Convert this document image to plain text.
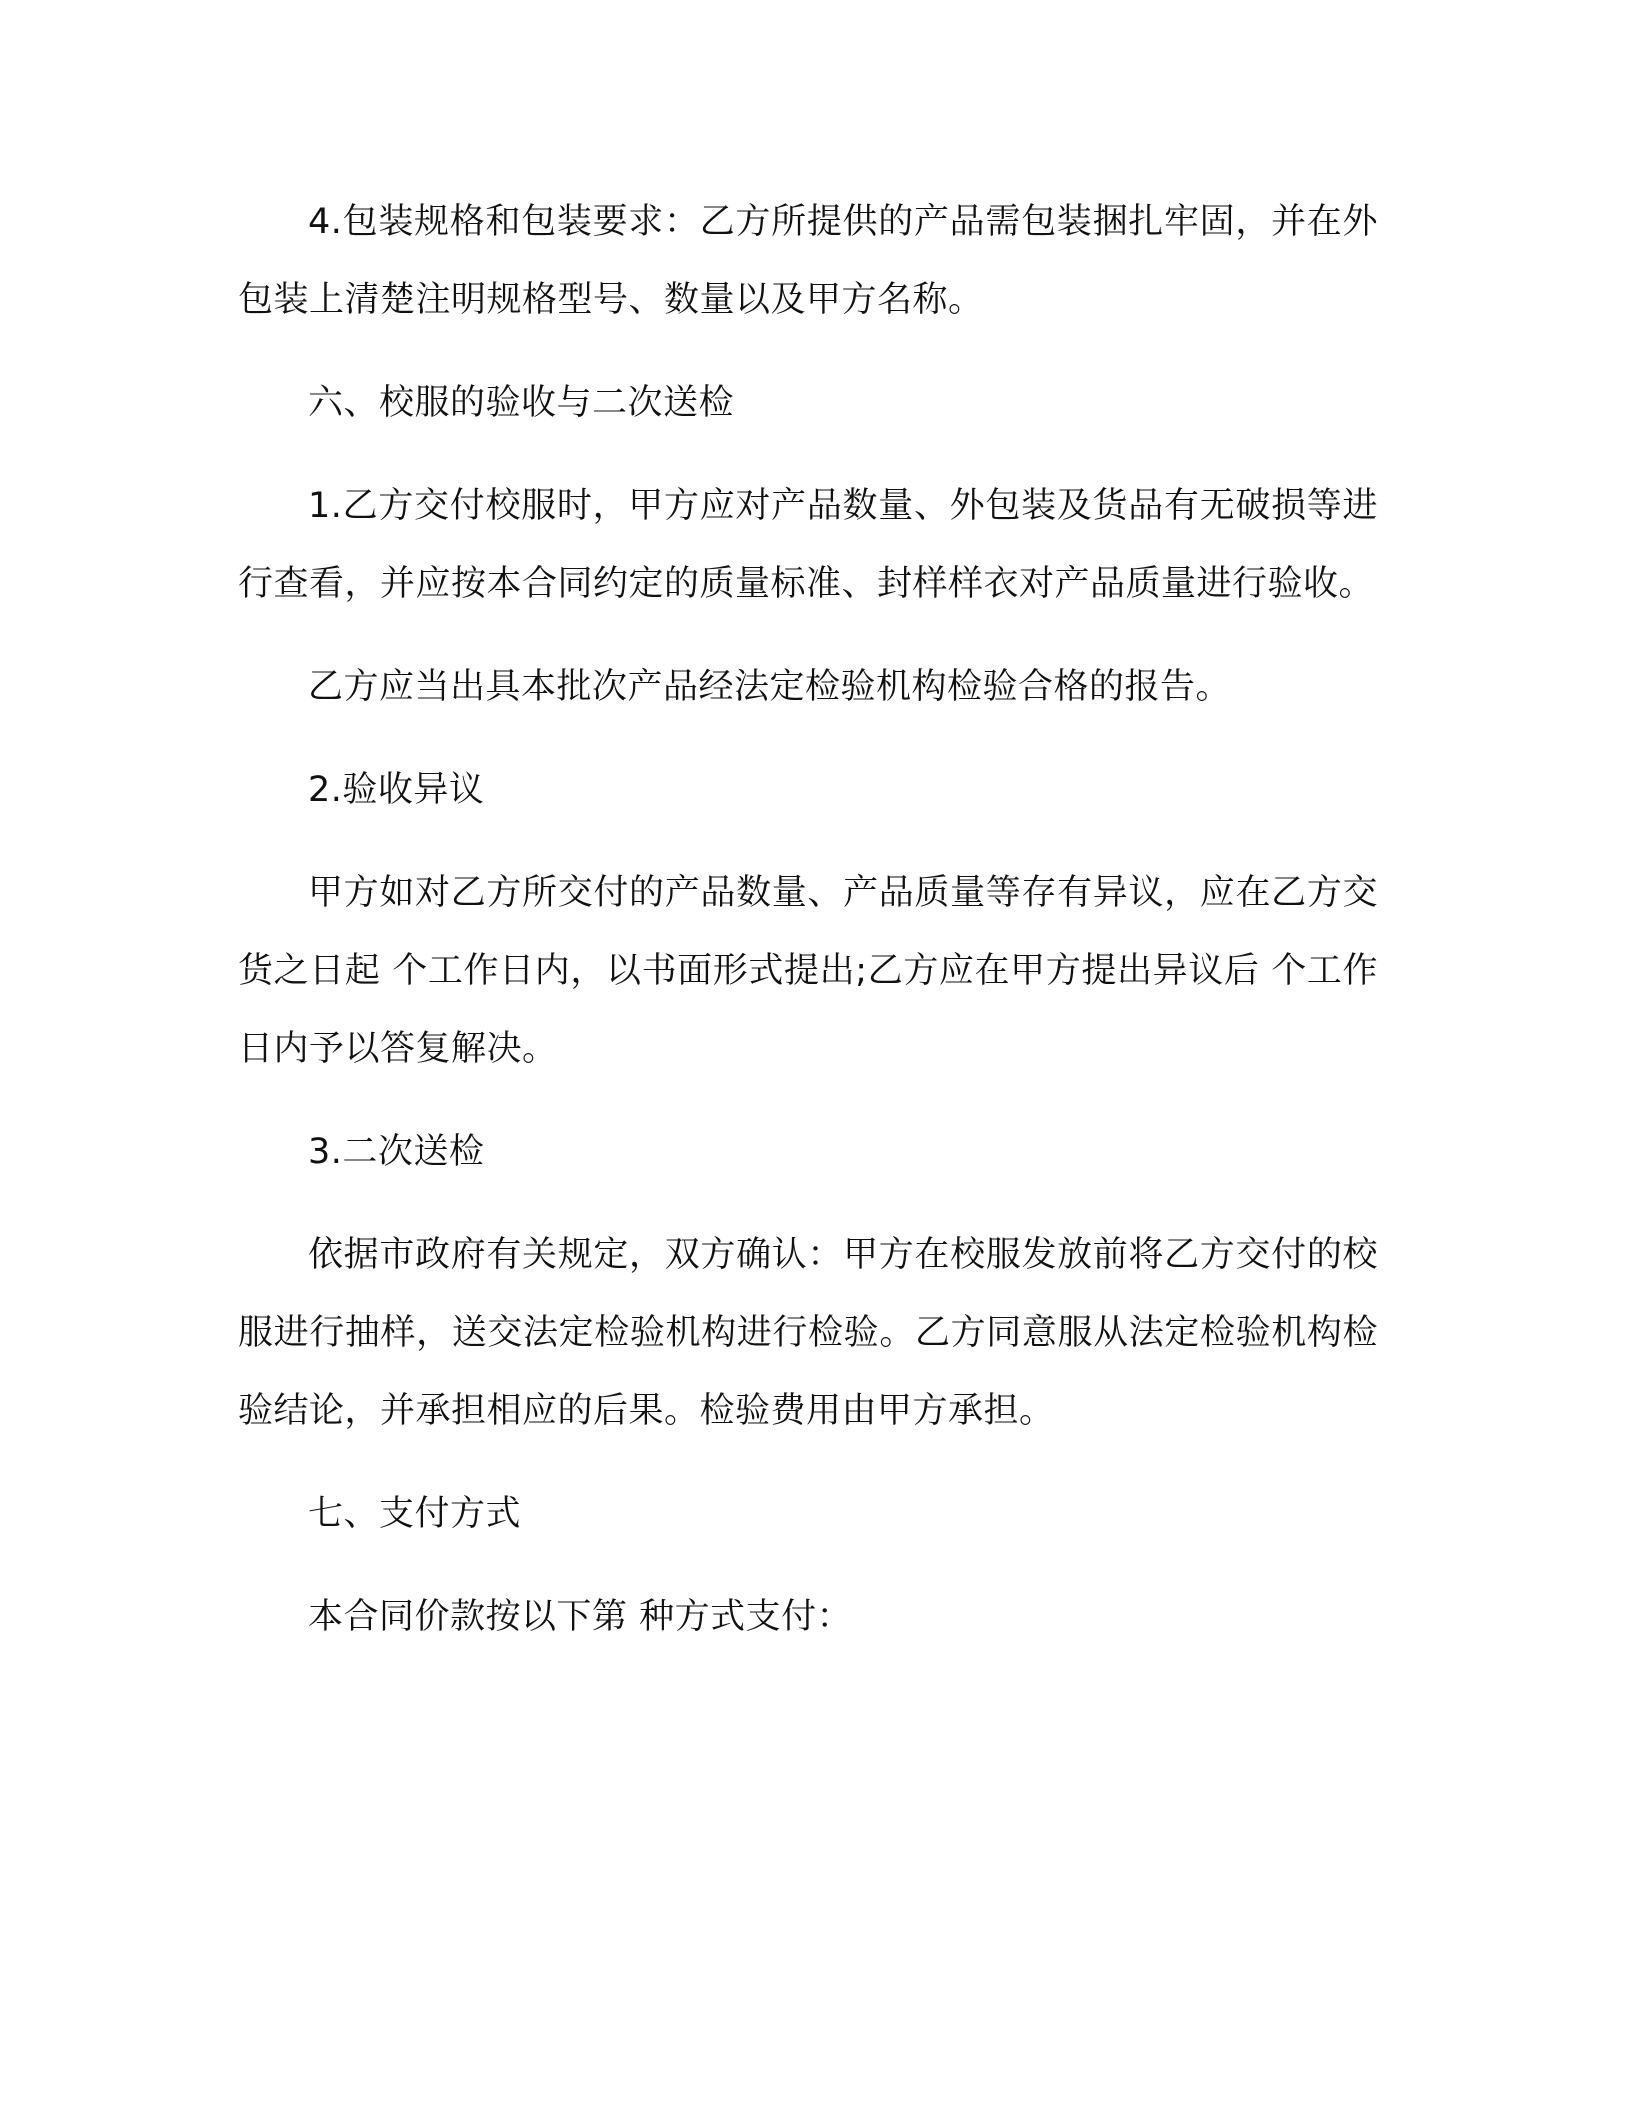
4.包装规格和包装要求：乙方所提供的产品需包装捆扎牢固，并在外包装上清楚注明规格型号、数量以及甲方名称。

六、校服的验收与二次送检

1.乙方交付校服时，甲方应对产品数量、外包装及货品有无破损等进行查看，并应按本合同约定的质量标准、封样样衣对产品质量进行验收。

乙方应当出具本批次产品经法定检验机构检验合格的报告。

2.验收异议

甲方如对乙方所交付的产品数量、产品质量等存有异议，应在乙方交货之日起 个工作日内，以书面形式提出;乙方应在甲方提出异议后 个工作日内予以答复解决。

3.二次送检

依据市政府有关规定，双方确认：甲方在校服发放前将乙方交付的校服进行抽样，送交法定检验机构进行检验。乙方同意服从法定检验机构检验结论，并承担相应的后果。检验费用由甲方承担。

七、支付方式

本合同价款按以下第 种方式支付：
